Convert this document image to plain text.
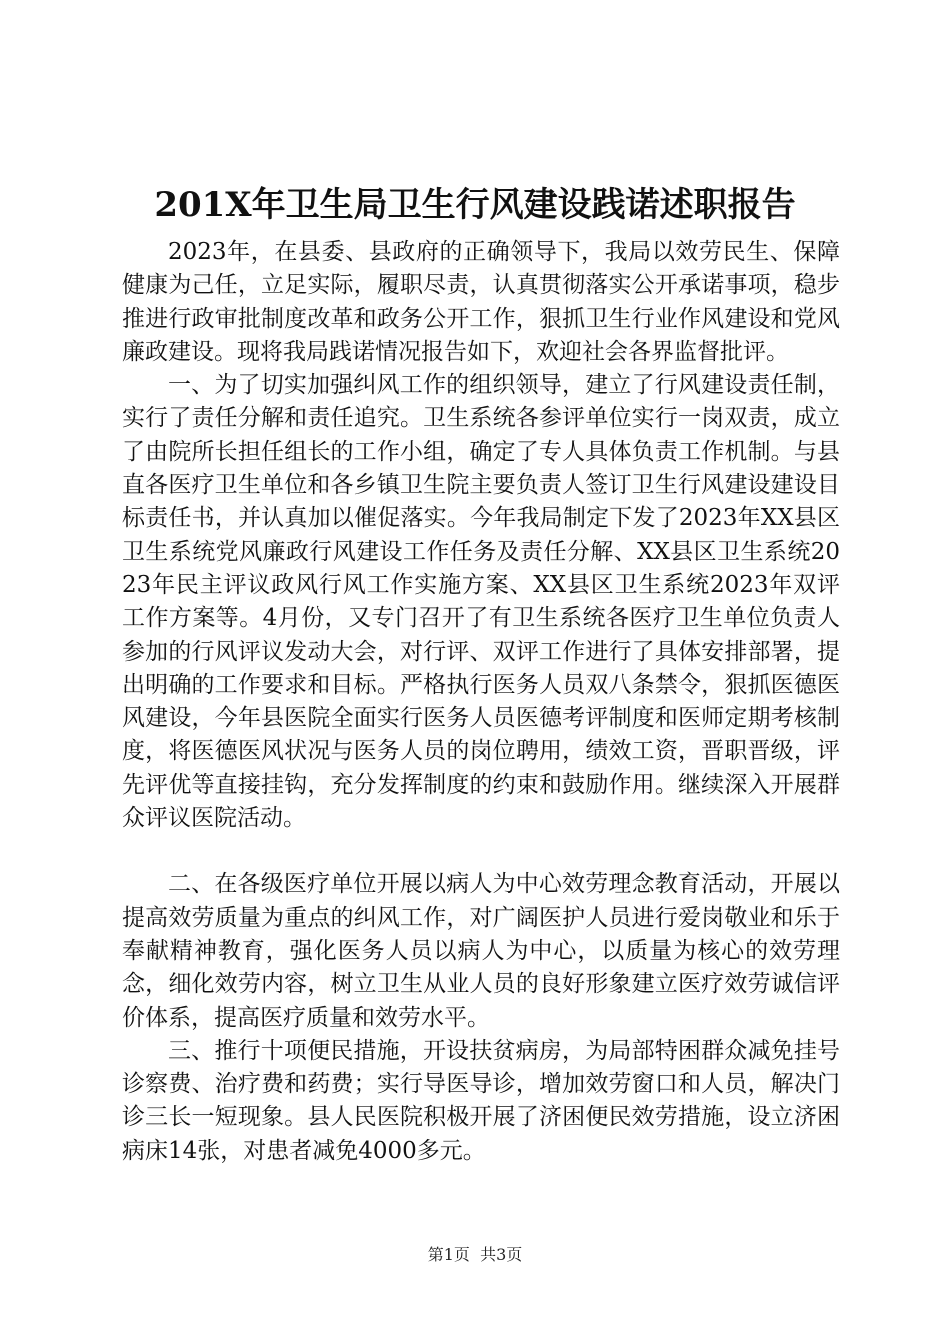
201X年卫生局卫生行风建设践诺述职报告

2023年，在县委、县政府的正确领导下，我局以效劳民生、保障健康为己任，立足实际，履职尽责，认真贯彻落实公开承诺事项，稳步推进行政审批制度改革和政务公开工作，狠抓卫生行业作风建设和党风廉政建设。现将我局践诺情况报告如下，欢迎社会各界监督批评。

一、为了切实加强纠风工作的组织领导，建立了行风建设责任制，实行了责任分解和责任追究。卫生系统各参评单位实行一岗双责，成立了由院所长担任组长的工作小组，确定了专人具体负责工作机制。与县直各医疗卫生单位和各乡镇卫生院主要负责人签订卫生行风建设建设目标责任书，并认真加以催促落实。今年我局制定下发了2023年XX县区卫生系统党风廉政行风建设工作任务及责任分解、XX县区卫生系统2023年民主评议政风行风工作实施方案、XX县区卫生系统2023年双评工作方案等。4月份，又专门召开了有卫生系统各医疗卫生单位负责人参加的行风评议发动大会，对行评、双评工作进行了具体安排部署，提出明确的工作要求和目标。严格执行医务人员双八条禁令，狠抓医德医风建设，今年县医院全面实行医务人员医德考评制度和医师定期考核制度，将医德医风状况与医务人员的岗位聘用，绩效工资，晋职晋级，评先评优等直接挂钩，充分发挥制度的约束和鼓励作用。继续深入开展群众评议医院活动。

二、在各级医疗单位开展以病人为中心效劳理念教育活动，开展以提高效劳质量为重点的纠风工作，对广阔医护人员进行爱岗敬业和乐于奉献精神教育，强化医务人员以病人为中心，以质量为核心的效劳理念，细化效劳内容，树立卫生从业人员的良好形象建立医疗效劳诚信评价体系，提高医疗质量和效劳水平。

三、推行十项便民措施，开设扶贫病房，为局部特困群众减免挂号诊察费、治疗费和药费；实行导医导诊，增加效劳窗口和人员，解决门诊三长一短现象。县人民医院积极开展了济困便民效劳措施，设立济困病床14张，对患者减免4000多元。

第1页 共3页
